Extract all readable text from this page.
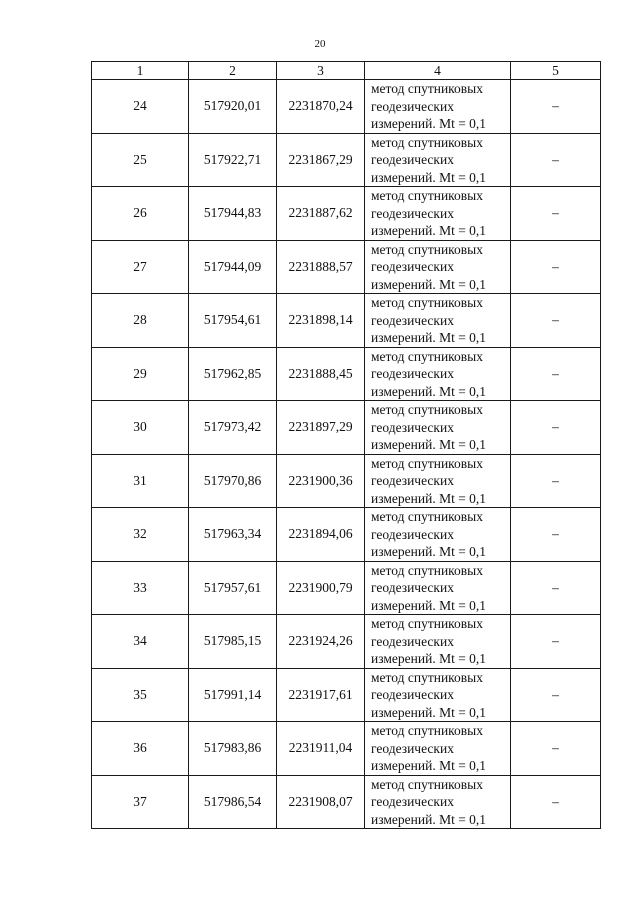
20
1	2	3	4	5
24	517920,01	2231870,24	метод спутниковых геодезических измерений. Mt = 0,1	–
25	517922,71	2231867,29	метод спутниковых геодезических измерений. Mt = 0,1	–
26	517944,83	2231887,62	метод спутниковых геодезических измерений. Mt = 0,1	–
27	517944,09	2231888,57	метод спутниковых геодезических измерений. Mt = 0,1	–
28	517954,61	2231898,14	метод спутниковых геодезических измерений. Mt = 0,1	–
29	517962,85	2231888,45	метод спутниковых геодезических измерений. Mt = 0,1	–
30	517973,42	2231897,29	метод спутниковых геодезических измерений. Mt = 0,1	–
31	517970,86	2231900,36	метод спутниковых геодезических измерений. Mt = 0,1	–
32	517963,34	2231894,06	метод спутниковых геодезических измерений. Mt = 0,1	–
33	517957,61	2231900,79	метод спутниковых геодезических измерений. Mt = 0,1	–
34	517985,15	2231924,26	метод спутниковых геодезических измерений. Mt = 0,1	–
35	517991,14	2231917,61	метод спутниковых геодезических измерений. Mt = 0,1	–
36	517983,86	2231911,04	метод спутниковых геодезических измерений. Mt = 0,1	–
37	517986,54	2231908,07	метод спутниковых геодезических измерений. Mt = 0,1	–
